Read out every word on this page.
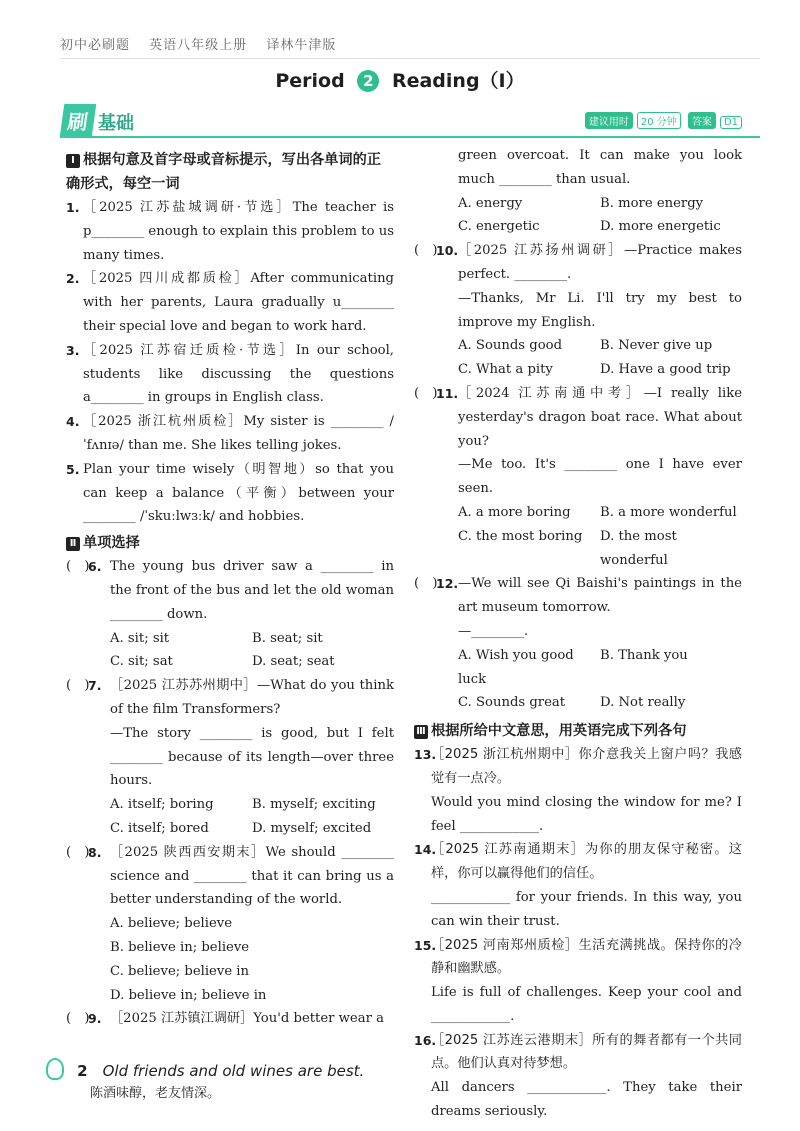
初中必刷题 英语八年级上册 译林牛津版
Period 2 Reading（Ⅰ）
刷 基础	建议用时 20 分钟 答案 D1
Ⅰ 根据句意及首字母或音标提示，写出各单词的正确形式，每空一词

1. ［2025 江苏盐城调研·节选］The teacher is p________ enough to explain this problem to us many times.

2. ［2025 四川成都质检］After communicating with her parents, Laura gradually u________ their special love and began to work hard.

3. ［2025 江苏宿迁质检·节选］In our school, students like discussing the questions a________ in groups in English class.

4. ［2025 浙江杭州质检］My sister is ________ /ˈfʌnɪə/ than me. She likes telling jokes.

5. Plan your time wisely（明智地）so that you can keep a balance（平衡）between your ________ /ˈskuːlwɜːk/ and hobbies.

Ⅱ 单项选择

(　)
6. The young bus driver saw a ________ in the front of the bus and let the old woman ________ down.

A. sit; sit	B. seat; sit
C. sit; sat	D. seat; seat

(　)
7. ［2025 江苏苏州期中］—What do you think of the film Transformers?

—The story ________ is good, but I felt ________ because of its length—over three hours.
A. itself; boring	B. myself; exciting
C. itself; bored	D. myself; excited

(　)
8. ［2025 陕西西安期末］We should ________ science and ________ that it can bring us a better understanding of the world.

A. believe; believe
B. believe in; believe
C. believe; believe in
D. believe in; believe in

(　)
9. ［2025 江苏镇江调研］You'd better wear a

green overcoat. It can make you look much ________ than usual.
A. energy	B. more energy
C. energetic	D. more energetic

(　)
10. ［2025 江苏扬州调研］—Practice makes perfect. ________.

—Thanks, Mr Li. I'll try my best to improve my English.
A. Sounds good	B. Never give up
C. What a pity	D. Have a good trip

(　)
11. ［2024 江苏南通中考］—I really like yesterday's dragon boat race. What about you?

—Me too. It's ________ one I have ever seen.
A. a more boring	B. a more wonderful
C. the most boring	D. the most wonderful

(　)
12. —We will see Qi Baishi's paintings in the art museum tomorrow.

—________.
A. Wish you good luck
B. Thank you
C. Sounds great	D. Not really
Ⅲ 根据所给中文意思，用英语完成下列各句

13.
［2025 浙江杭州期中］你介意我关上窗户吗？我感觉有一点冷。

Would you mind closing the window for me? I feel ____________.

14.
［2025 江苏南通期末］为你的朋友保守秘密。这样，你可以赢得他们的信任。

____________ for your friends. In this way, you can win their trust.

15.
［2025 河南郑州质检］生活充满挑战。保持你的冷静和幽默感。

Life is full of challenges. Keep your cool and ____________.

16.
［2025 江苏连云港期末］所有的舞者都有一个共同点。他们认真对待梦想。

All dancers ____________. They take their dreams seriously.
2 Old friends and old wines are best.
陈酒味醇，老友情深。
